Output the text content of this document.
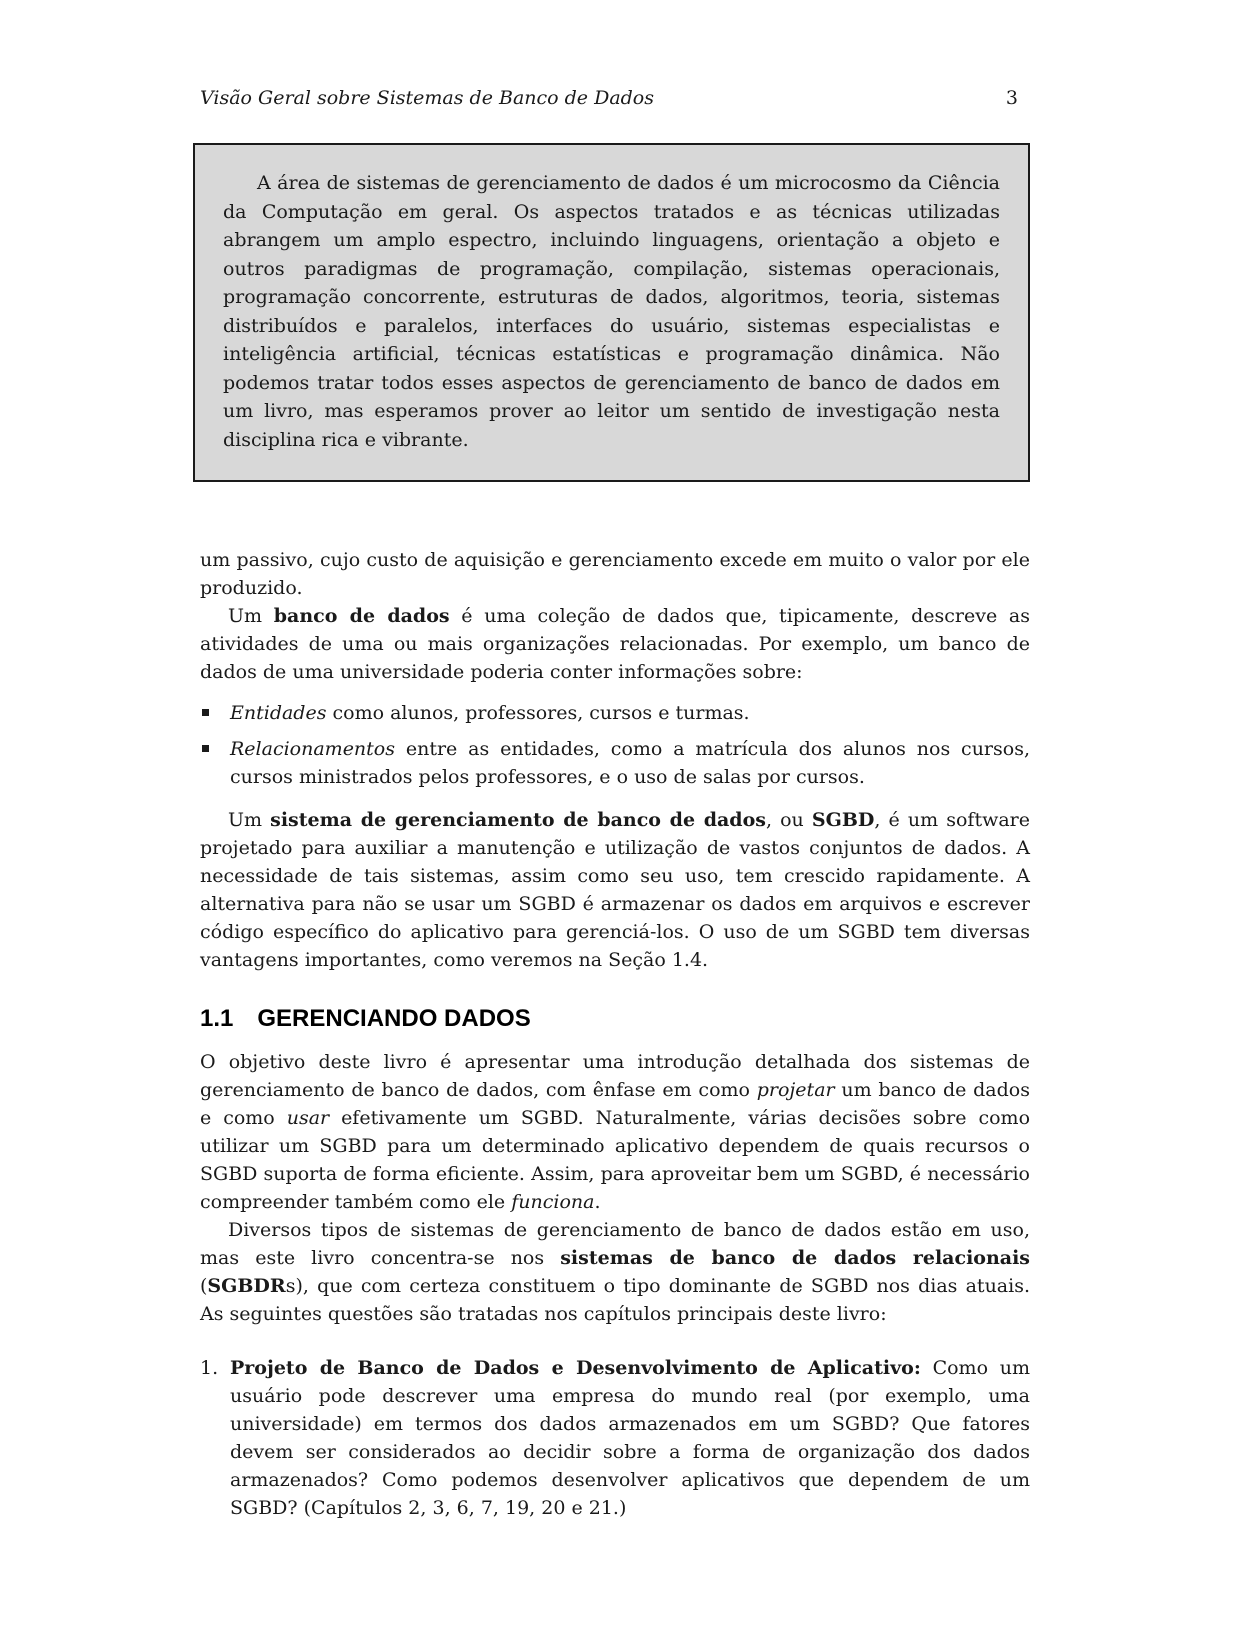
Visão Geral sobre Sistemas de Banco de Dados	3

A área de sistemas de gerenciamento de dados é um microcosmo da Ciência da Computação em geral. Os aspectos tratados e as técnicas utilizadas abrangem um amplo espectro, incluindo linguagens, orientação a objeto e outros paradigmas de programação, compilação, sistemas operacionais, programação concorrente, estruturas de dados, algoritmos, teoria, sistemas distribuídos e paralelos, interfaces do usuário, sistemas especialistas e inteligência artificial, técnicas estatísticas e programação dinâmica. Não podemos tratar todos esses aspectos de gerenciamento de banco de dados em um livro, mas esperamos prover ao leitor um sentido de investigação nesta disciplina rica e vibrante.

um passivo, cujo custo de aquisição e gerenciamento excede em muito o valor por ele produzido.

Um banco de dados é uma coleção de dados que, tipicamente, descreve as atividades de uma ou mais organizações relacionadas. Por exemplo, um banco de dados de uma universidade poderia conter informações sobre:

Entidades como alunos, professores, cursos e turmas.
Relacionamentos entre as entidades, como a matrícula dos alunos nos cursos, cursos ministrados pelos professores, e o uso de salas por cursos.

Um sistema de gerenciamento de banco de dados, ou SGBD, é um software projetado para auxiliar a manutenção e utilização de vastos conjuntos de dados. A necessidade de tais sistemas, assim como seu uso, tem crescido rapidamente. A alternativa para não se usar um SGBD é armazenar os dados em arquivos e escrever código específico do aplicativo para gerenciá-los. O uso de um SGBD tem diversas vantagens importantes, como veremos na Seção 1.4.

1.1 GERENCIANDO DADOS

O objetivo deste livro é apresentar uma introdução detalhada dos sistemas de gerenciamento de banco de dados, com ênfase em como projetar um banco de dados e como usar efetivamente um SGBD. Naturalmente, várias decisões sobre como utilizar um SGBD para um determinado aplicativo dependem de quais recursos o SGBD suporta de forma eficiente. Assim, para aproveitar bem um SGBD, é necessário compreender também como ele funciona.

Diversos tipos de sistemas de gerenciamento de banco de dados estão em uso, mas este livro concentra-se nos sistemas de banco de dados relacionais (SGBDRs), que com certeza constituem o tipo dominante de SGBD nos dias atuais. As seguintes questões são tratadas nos capítulos principais deste livro:

1. Projeto de Banco de Dados e Desenvolvimento de Aplicativo: Como um usuário pode descrever uma empresa do mundo real (por exemplo, uma universidade) em termos dos dados armazenados em um SGBD? Que fatores devem ser considerados ao decidir sobre a forma de organização dos dados armazenados? Como podemos desenvolver aplicativos que dependem de um SGBD? (Capítulos 2, 3, 6, 7, 19, 20 e 21.)
